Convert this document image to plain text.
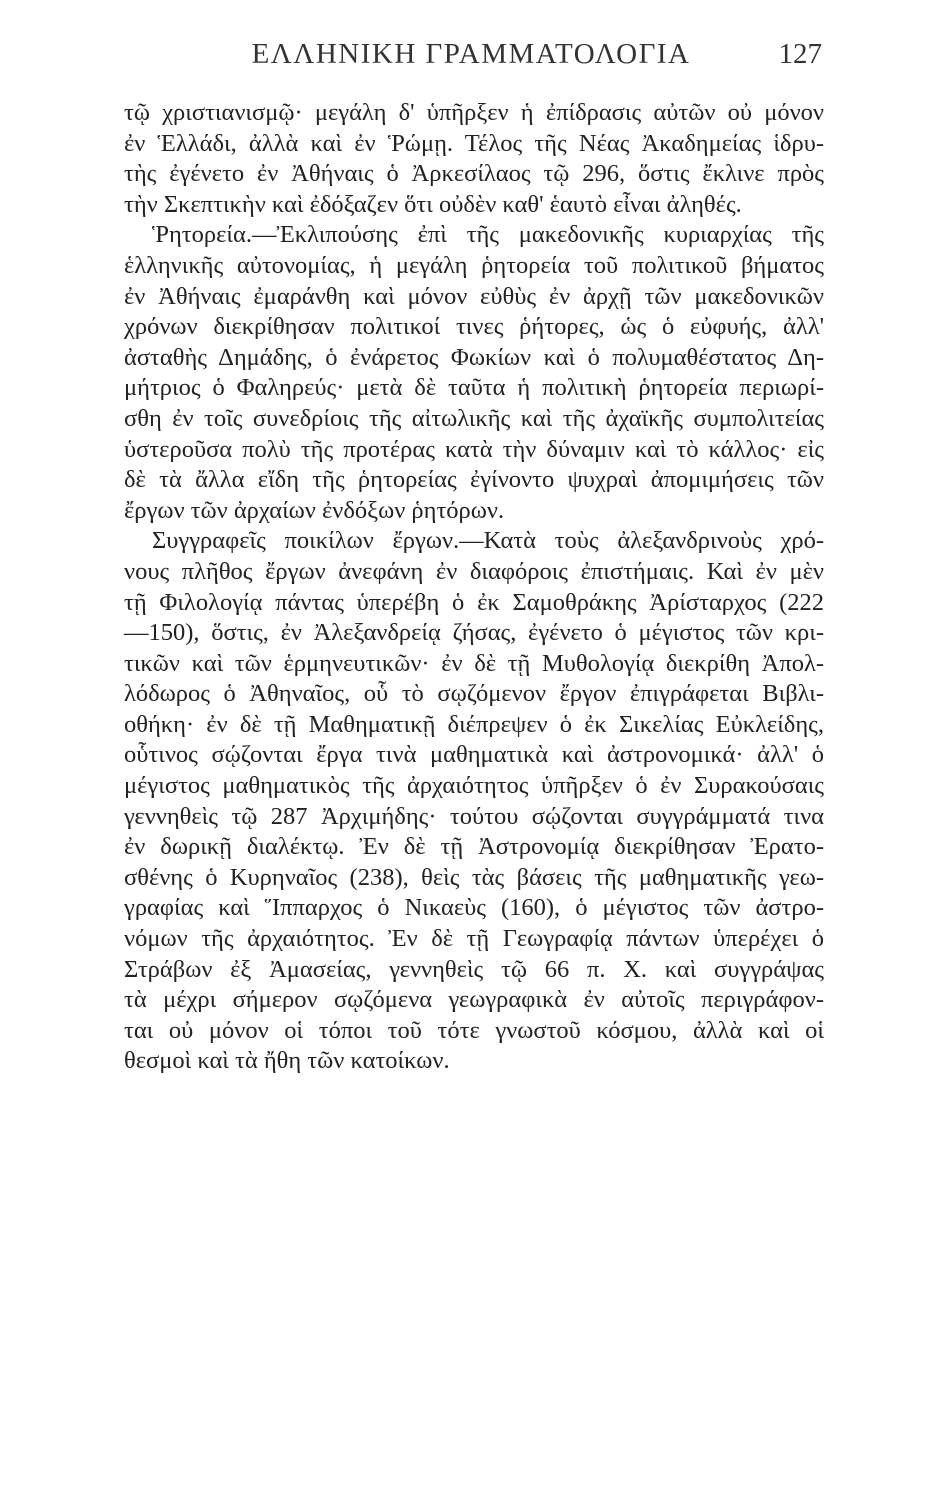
ΕΛΛΗΝΙΚΗ ΓΡΑΜΜΑΤΟΛΟΓΙΑ	127
τῷ χριστιανισμῷ· μεγάλη δ' ὑπῆρξεν ἡ ἐπίδρασις αὐτῶν οὐ μόνον
ἐν Ἑλλάδι, ἀλλὰ καὶ ἐν Ῥώμῃ. Τέλος τῆς Νέας Ἀκαδημείας ἱδρυ-
τὴς ἐγένετο ἐν Ἀθήναις ὁ Ἀρκεσίλαος τῷ 296, ὅστις ἔκλινε πρὸς
τὴν Σκεπτικὴν καὶ ἐδόξαζεν ὅτι οὐδὲν καθ' ἑαυτὸ εἶναι ἀληθές.
Ῥητορεία.—Ἐκλιπούσης ἐπὶ τῆς μακεδονικῆς κυριαρχίας τῆς
ἑλληνικῆς αὐτονομίας, ἡ μεγάλη ῥητορεία τοῦ πολιτικοῦ βήματος
ἐν Ἀθήναις ἐμαράνθη καὶ μόνον εὐθὺς ἐν ἀρχῇ τῶν μακεδονικῶν
χρόνων διεκρίθησαν πολιτικοί τινες ῥήτορες, ὡς ὁ εὐφυής, ἀλλ'
ἀσταθὴς Δημάδης, ὁ ἐνάρετος Φωκίων καὶ ὁ πολυμαθέστατος Δη-
μήτριος ὁ Φαληρεύς· μετὰ δὲ ταῦτα ἡ πολιτικὴ ῥητορεία περιωρί-
σθη ἐν τοῖς συνεδρίοις τῆς αἰτωλικῆς καὶ τῆς ἀχαϊκῆς συμπολιτείας
ὑστεροῦσα πολὺ τῆς προτέρας κατὰ τὴν δύναμιν καὶ τὸ κάλλος· εἰς
δὲ τὰ ἄλλα εἴδη τῆς ῥητορείας ἐγίνοντο ψυχραὶ ἀπομιμήσεις τῶν
ἔργων τῶν ἀρχαίων ἐνδόξων ῥητόρων.
Συγγραφεῖς ποικίλων ἔργων.—Κατὰ τοὺς ἀλεξανδρινοὺς χρό-
νους πλῆθος ἔργων ἀνεφάνη ἐν διαφόροις ἐπιστήμαις. Καὶ ἐν μὲν
τῇ Φιλολογίᾳ πάντας ὑπερέβη ὁ ἐκ Σαμοθράκης Ἀρίσταρχος (222
—150), ὅστις, ἐν Ἀλεξανδρείᾳ ζήσας, ἐγένετο ὁ μέγιστος τῶν κρι-
τικῶν καὶ τῶν ἑρμηνευτικῶν· ἐν δὲ τῇ Μυθολογίᾳ διεκρίθη Ἀπολ-
λόδωρος ὁ Ἀθηναῖος, οὗ τὸ σῳζόμενον ἔργον ἐπιγράφεται Βιβλι-
οθήκη· ἐν δὲ τῇ Μαθηματικῇ διέπρεψεν ὁ ἐκ Σικελίας Εὐκλείδης,
οὗτινος σῴζονται ἔργα τινὰ μαθηματικὰ καὶ ἀστρονομικά· ἀλλ' ὁ
μέγιστος μαθηματικὸς τῆς ἀρχαιότητος ὑπῆρξεν ὁ ἐν Συρακούσαις
γεννηθεὶς τῷ 287 Ἀρχιμήδης· τούτου σῴζονται συγγράμματά τινα
ἐν δωρικῇ διαλέκτῳ. Ἐν δὲ τῇ Ἀστρονομίᾳ διεκρίθησαν Ἐρατο-
σθένης ὁ Κυρηναῖος (238), θεὶς τὰς βάσεις τῆς μαθηματικῆς γεω-
γραφίας καὶ Ἵππαρχος ὁ Νικαεὺς (160), ὁ μέγιστος τῶν ἀστρο-
νόμων τῆς ἀρχαιότητος. Ἐν δὲ τῇ Γεωγραφίᾳ πάντων ὑπερέχει ὁ
Στράβων ἐξ Ἀμασείας, γεννηθεὶς τῷ 66 π. Χ. καὶ συγγράψας
τὰ μέχρι σήμερον σῳζόμενα γεωγραφικὰ ἐν αὐτοῖς περιγράφον-
ται οὐ μόνον οἱ τόποι τοῦ τότε γνωστοῦ κόσμου, ἀλλὰ καὶ οἱ
θεσμοὶ καὶ τὰ ἤθη τῶν κατοίκων.
